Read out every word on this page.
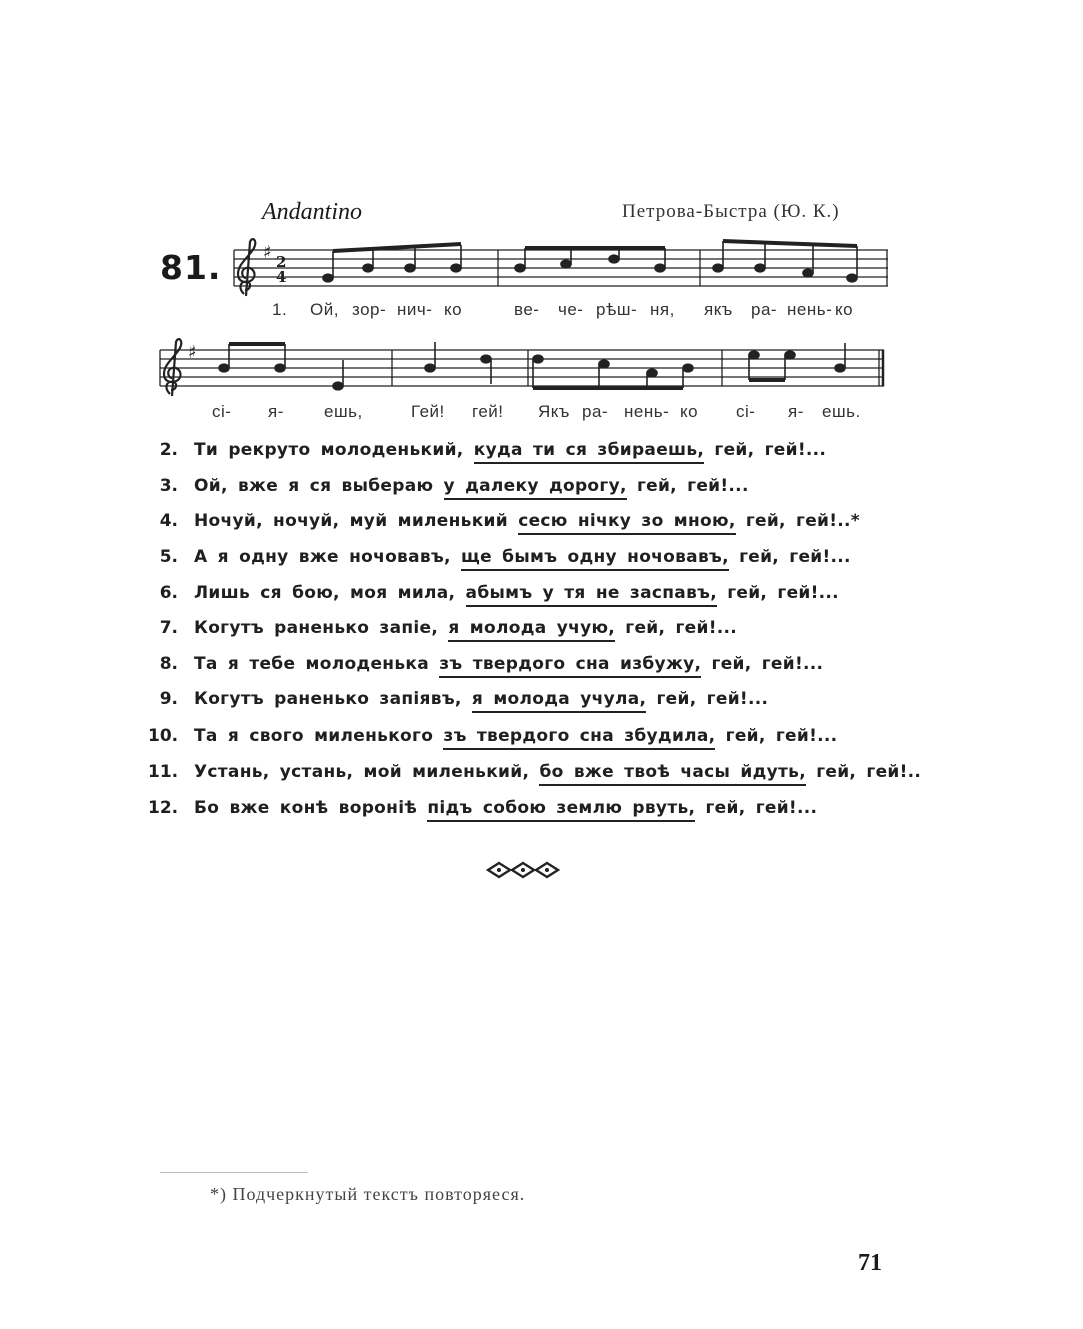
Andantino	Петрова-Быстра (Ю. К.)
81. ♯ 2
4
1. Ой, зор- нич- ко	ве- че- рѣш- ня, якъ ра- нень- ко
♯
сі- я- ешь,	Гей! гей! Якъ ра- нень- ко сі- я- ешь.
2. Ти рекруто молоденький, куда ти ся збираешь, гей, гей!...
3. Ой, вже я ся выбераю у далеку дорогу, гей, гей!...
4. Ночуй, ночуй, муй миленький сесю нічку зо мною, гей, гей!..*
5. А я одну вже ночовавъ, ще бымъ одну ночовавъ, гей, гей!...
6. Лишь ся бою, моя мила, абымъ у тя не заспавъ, гей, гей!...
7. Когутъ раненько запіе, я молода учую, гей, гей!...
8. Та я тебе молоденька зъ твердого сна избужу, гей, гей!...
9. Когутъ раненько запіявъ, я молода учула, гей, гей!...
10. Та я свого миленького зъ твердого сна збудила, гей, гей!...
11. Устань, устань, мой миленький, бо вже твоѣ часы йдуть, гей, гей!..
12. Бо вже конѣ вороніѣ підъ собою землю рвуть, гей, гей!...
*) Подчеркнутый текстъ повторяеся.
71
